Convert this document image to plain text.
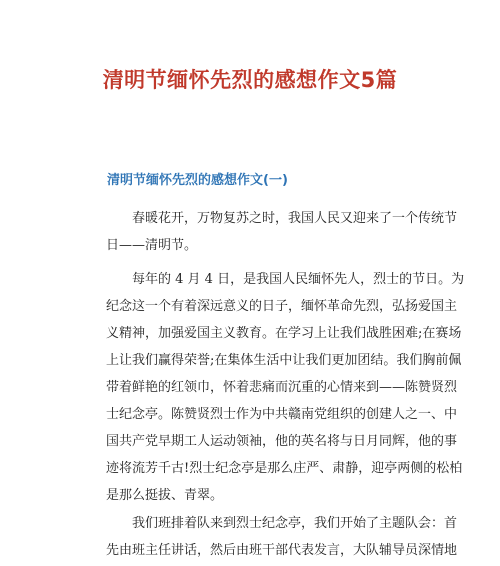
清明节缅怀先烈的感想作文5篇
清明节缅怀先烈的感想作文(一)
　　春暖花开，万物复苏之时，我国人民又迎来了一个传统节
日——清明节。
　　每年的 4 月 4 日，是我国人民缅怀先人，烈士的节日。为
纪念这一个有着深远意义的日子，缅怀革命先烈，弘扬爱国主
义精神，加强爱国主义教育。在学习上让我们战胜困难;在赛场
上让我们赢得荣誉;在集体生活中让我们更加团结。我们胸前佩
带着鲜艳的红领巾，怀着悲痛而沉重的心情来到——陈赞贤烈
士纪念亭。陈赞贤烈士作为中共赣南党组织的创建人之一、中
国共产党早期工人运动领袖，他的英名将与日月同辉，他的事
迹将流芳千古!烈士纪念亭是那么庄严、肃静，迎亭两侧的松柏
是那么挺拔、青翠。
　　我们班排着队来到烈士纪念亭，我们开始了主题队会：首
先由班主任讲话，然后由班干部代表发言，大队辅导员深情地
